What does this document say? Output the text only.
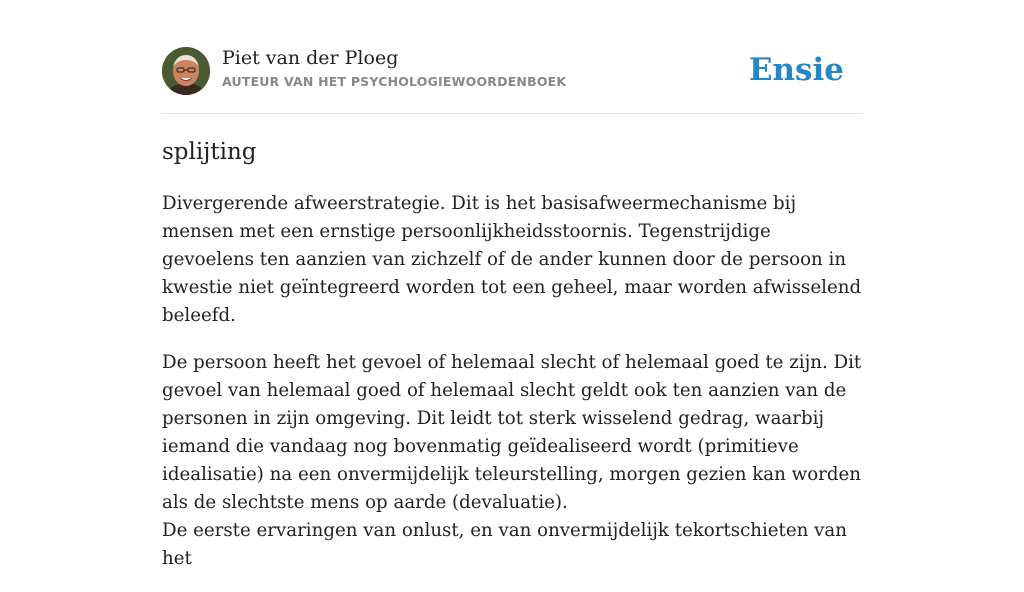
Piet van der Ploeg
AUTEUR VAN HET PSYCHOLOGIEWOORDENBOEK	Ensie
splijting

Divergerende afweerstrategie. Dit is het basisafweermechanisme bij mensen met een ernstige persoonlijkheidsstoornis. Tegenstrijdige gevoelens ten aanzien van zichzelf of de ander kunnen door de persoon in kwestie niet geïntegreerd worden tot een geheel, maar worden afwisselend beleefd.

De persoon heeft het gevoel of helemaal slecht of helemaal goed te zijn. Dit gevoel van helemaal goed of helemaal slecht geldt ook ten aanzien van de personen in zijn omgeving. Dit leidt tot sterk wisselend gedrag, waarbij iemand die vandaag nog bovenmatig geïdealiseerd wordt (primitieve idealisatie) na een onvermijdelijk teleurstelling, morgen gezien kan worden als de slechtste mens op aarde (devaluatie).

De eerste ervaringen van onlust, en van onvermijdelijk tekortschieten van het
